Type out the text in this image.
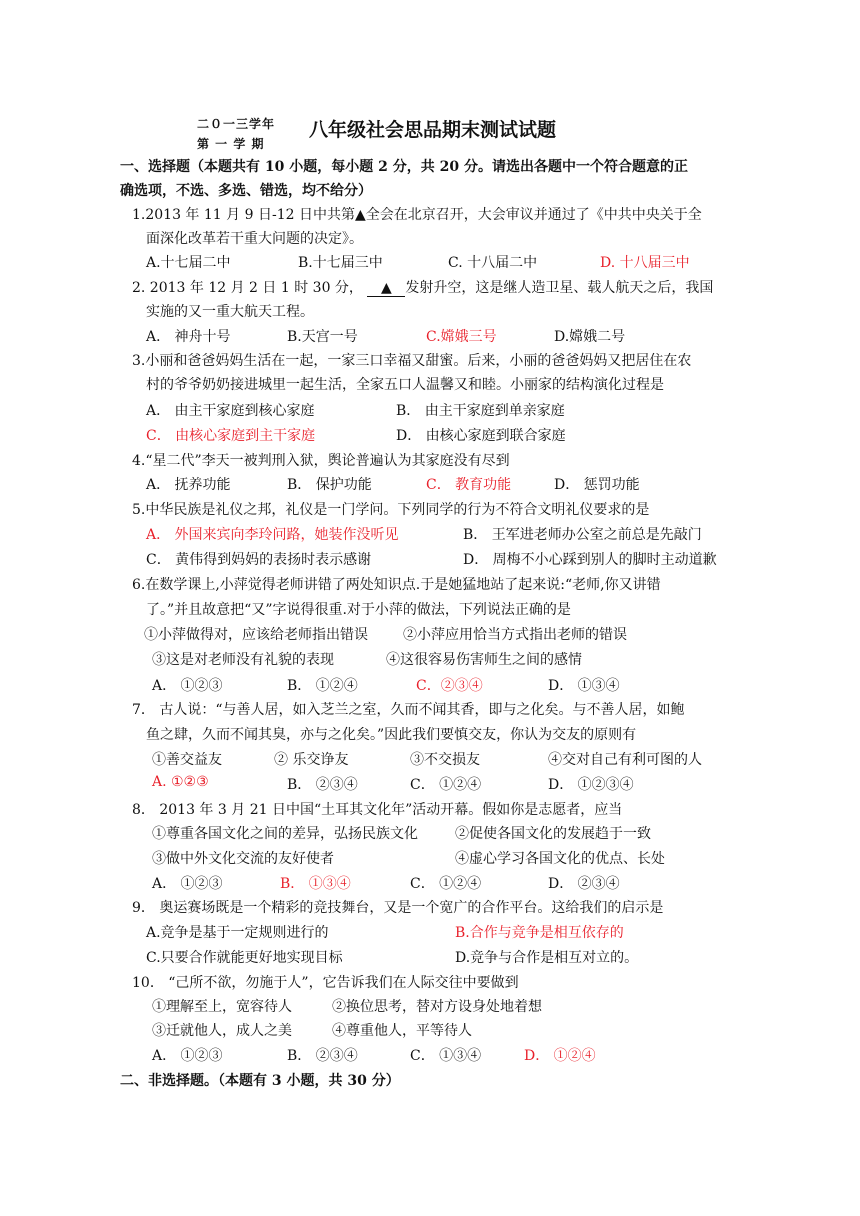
二０一三学年
第 一 学 期
八年级社会思品期末测试试题
一、选择题（本题共有 10 小题，每小题 2 分，共 20 分。请选出各题中一个符合题意的正
确选项，不选、多选、错选，均不给分）
1.2013 年 11 月 9 日-12 日中共第▲全会在北京召开，大会审议并通过了《中共中央关于全
面深化改革若干重大问题的决定》。
A.十七届二中	B.十七届三中	C. 十八届二中	D. 十八届三中
2. 2013 年 12 月 2 日 1 时 30 分， ▲ 发射升空，这是继人造卫星、载人航天之后，我国
实施的又一重大航天工程。
A． 神舟十号	B.天宫一号	C.嫦娥三号	D.嫦娥二号
3.小丽和爸爸妈妈生活在一起，一家三口幸福又甜蜜。后来，小丽的爸爸妈妈又把居住在农
村的爷爷奶奶接进城里一起生活，全家五口人温馨又和睦。小丽家的结构演化过程是
A． 由主干家庭到核心家庭	B． 由主干家庭到单亲家庭
C． 由核心家庭到主干家庭	D． 由核心家庭到联合家庭
4.“星二代”李天一被判刑入狱，舆论普遍认为其家庭没有尽到
A． 抚养功能	B． 保护功能	C． 教育功能	D． 惩罚功能
5.中华民族是礼仪之邦，礼仪是一门学问。下列同学的行为不符合文明礼仪要求的是
A． 外国来宾向李玲问路，她装作没听见	B． 王军进老师办公室之前总是先敲门
C． 黄伟得到妈妈的表扬时表示感谢	D． 周梅不小心踩到别人的脚时主动道歉
6.在数学课上,小萍觉得老师讲错了两处知识点.于是她猛地站了起来说:“老师,你又讲错
了。”并且故意把“又”字说得很重.对于小萍的做法，下列说法正确的是
①小萍做得对，应该给老师指出错误	②小萍应用恰当方式指出老师的错误
③这是对老师没有礼貌的表现	④这很容易伤害师生之间的感情
A． ①②③	B． ①②④	C．②③④	D． ①③④
7． 古人说：“与善人居，如入芝兰之室，久而不闻其香，即与之化矣。与不善人居，如鲍
鱼之肆，久而不闻其臭，亦与之化矣。”因此我们要慎交友，你认为交友的原则有
①善交益友	② 乐交诤友	③不交损友	④交对自己有利可图的人
A. ①②③	B． ②③④	C． ①②④	D． ①②③④
8． 2013 年 3 月 21 日中国“土耳其文化年”活动开幕。假如你是志愿者，应当
①尊重各国文化之间的差异，弘扬民族文化	②促使各国文化的发展趋于一致
③做中外文化交流的友好使者	④虚心学习各国文化的优点、长处
A． ①②③	B． ①③④	C． ①②④	D． ②③④
9． 奥运赛场既是一个精彩的竞技舞台，又是一个宽广的合作平台。这给我们的启示是
A.竞争是基于一定规则进行的	B.合作与竞争是相互依存的
C.只要合作就能更好地实现目标	D.竞争与合作是相互对立的。
10． “己所不欲，勿施于人”，它告诉我们在人际交往中要做到
①理解至上，宽容待人	②换位思考，替对方设身处地着想
③迁就他人，成人之美	④尊重他人，平等待人
A． ①②③	B． ②③④	C． ①③④	D． ①②④
二、非选择题。（本题有 3 小题，共 30 分）
